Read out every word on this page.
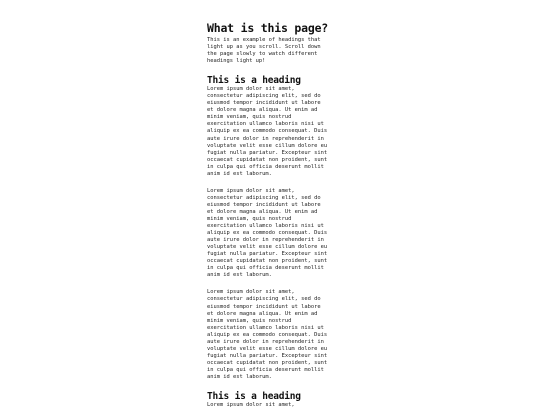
What is this page?

This is an example of headings that
light up as you scroll. Scroll down
the page slowly to watch different
headings light up!

This is a heading

Lorem ipsum dolor sit amet,
consectetur adipiscing elit, sed do
eiusmod tempor incididunt ut labore
et dolore magna aliqua. Ut enim ad
minim veniam, quis nostrud
exercitation ullamco laboris nisi ut
aliquip ex ea commodo consequat. Duis
aute irure dolor in reprehenderit in
voluptate velit esse cillum dolore eu
fugiat nulla pariatur. Excepteur sint
occaecat cupidatat non proident, sunt
in culpa qui officia deserunt mollit
anim id est laborum.

Lorem ipsum dolor sit amet,
consectetur adipiscing elit, sed do
eiusmod tempor incididunt ut labore
et dolore magna aliqua. Ut enim ad
minim veniam, quis nostrud
exercitation ullamco laboris nisi ut
aliquip ex ea commodo consequat. Duis
aute irure dolor in reprehenderit in
voluptate velit esse cillum dolore eu
fugiat nulla pariatur. Excepteur sint
occaecat cupidatat non proident, sunt
in culpa qui officia deserunt mollit
anim id est laborum.

Lorem ipsum dolor sit amet,
consectetur adipiscing elit, sed do
eiusmod tempor incididunt ut labore
et dolore magna aliqua. Ut enim ad
minim veniam, quis nostrud
exercitation ullamco laboris nisi ut
aliquip ex ea commodo consequat. Duis
aute irure dolor in reprehenderit in
voluptate velit esse cillum dolore eu
fugiat nulla pariatur. Excepteur sint
occaecat cupidatat non proident, sunt
in culpa qui officia deserunt mollit
anim id est laborum.

This is a heading

Lorem ipsum dolor sit amet,
